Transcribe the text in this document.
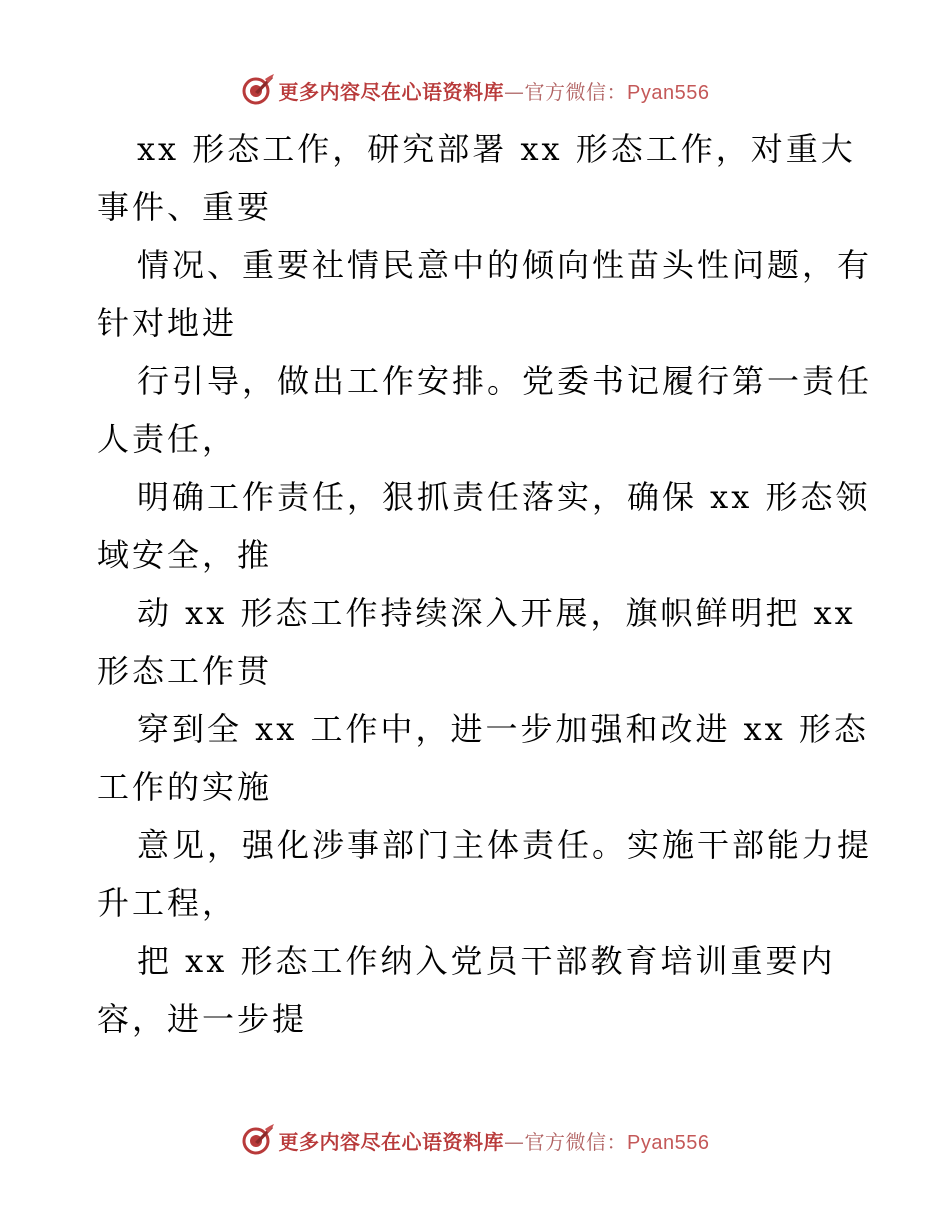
更多内容尽在心语资料库—官方微信：Pyan556

xx 形态工作，研究部署 xx 形态工作，对重大
事件、重要

情况、重要社情民意中的倾向性苗头性问题，有
针对地进

行引导，做出工作安排。党委书记履行第一责任
人责任，

明确工作责任，狠抓责任落实，确保 xx 形态领
域安全，推

动 xx 形态工作持续深入开展，旗帜鲜明把 xx
形态工作贯

穿到全 xx 工作中，进一步加强和改进 xx 形态
工作的实施

意见，强化涉事部门主体责任。实施干部能力提
升工程，

把 xx 形态工作纳入党员干部教育培训重要内
容，进一步提

更多内容尽在心语资料库—官方微信：Pyan556
